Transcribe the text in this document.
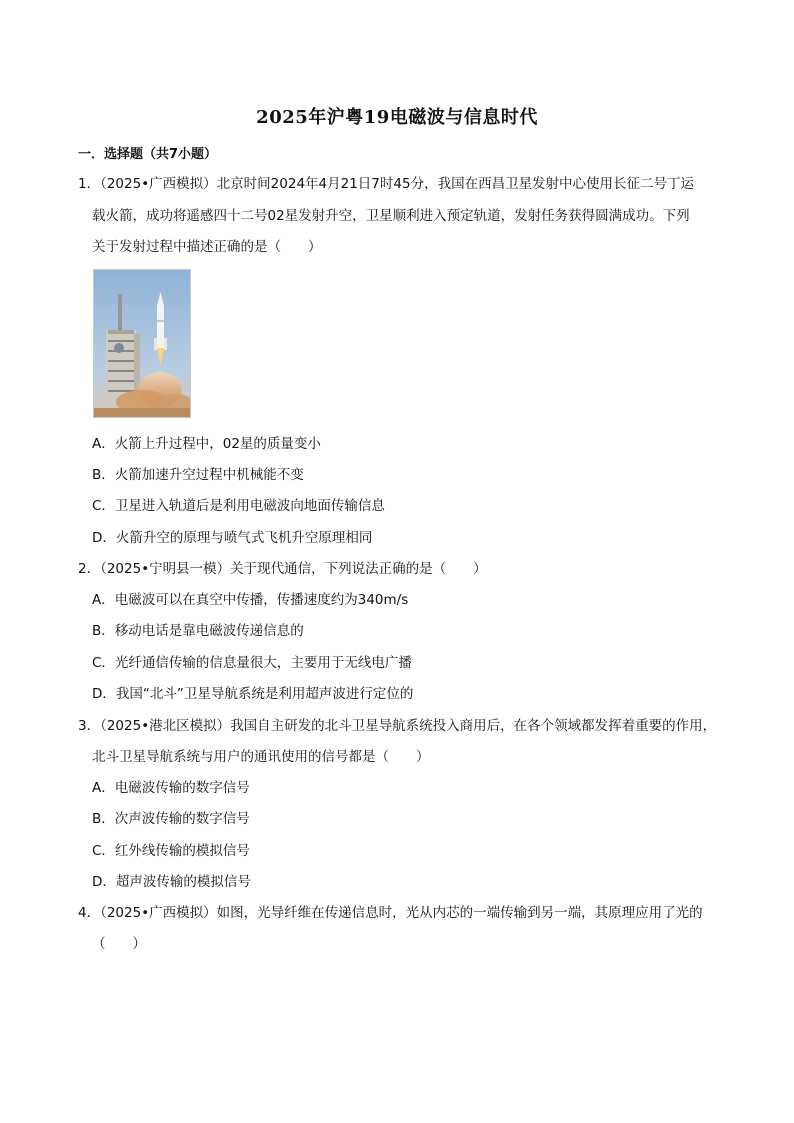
2025年沪粤19电磁波与信息时代
一．选择题（共7小题）
1．（2025•广西模拟）北京时间2024年4月21日7时45分，我国在西昌卫星发射中心使用长征二号丁运
载火箭，成功将遥感四十二号02星发射升空，卫星顺利进入预定轨道，发射任务获得圆满成功。下列
关于发射过程中描述正确的是（　　）
A．火箭上升过程中，02星的质量变小
B．火箭加速升空过程中机械能不变
C．卫星进入轨道后是利用电磁波向地面传输信息
D．火箭升空的原理与喷气式飞机升空原理相同
2．（2025•宁明县一模）关于现代通信，下列说法正确的是（　　）
A．电磁波可以在真空中传播，传播速度约为340m/s
B．移动电话是靠电磁波传递信息的
C．光纤通信传输的信息量很大，主要用于无线电广播
D．我国“北斗”卫星导航系统是利用超声波进行定位的
3．（2025•港北区模拟）我国自主研发的北斗卫星导航系统投入商用后，在各个领域都发挥着重要的作用，
北斗卫星导航系统与用户的通讯使用的信号都是（　　）
A．电磁波传输的数字信号
B．次声波传输的数字信号
C．红外线传输的模拟信号
D．超声波传输的模拟信号
4．（2025•广西模拟）如图，光导纤维在传递信息时，光从内芯的一端传输到另一端，其原理应用了光的
（　　）
